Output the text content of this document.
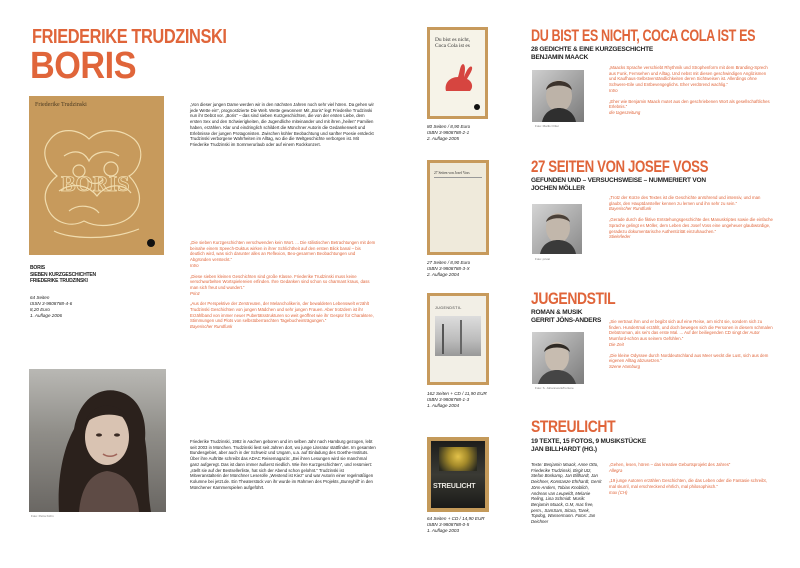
FRIEDERIKE TRUDZINSKI
BORIS
Friederike Trudzinski
BORIS
BORIS
SIEBEN KURZGESCHICHTEN
FRIEDERIKE TRUDZINSKI
64 Seiten
ISSN 3-9808788-4-6
8,20 Euro
1. Auflage 2006
„Von dieser jungen Dame werden wir in den nächsten Jahren noch sehr viel hören. Da gehen wir jede Wette ein“, prognostizierte Die Welt. Wette gewonnen! Mit „Boris“ legt Friederike Trudzinski nun ihr Debüt vor. „Boris“ – das sind sieben Kurzgeschichten, die von der ersten Liebe, dem ersten Sex und den Schwierigkeiten, die Jugendliche miteinander und mit ihren „heilen“ Familien haben, erzählen. Klar und eindringlich schildert die Münchner Autorin die Gedankenwelt und Erlebnisse der jungen Protagonisten. Zwischen kühler Beobachtung und sanfter Poesie entdeckt Trudzinski verborgene Wahrheiten im Alltag, wo die die Weltgeschichte verborgen ist. Mit Friederike Trudzinski im Sommerurlaub oder auf einem Rockkonzert.
„Die sieben Kurzgeschichten verschwenden kein Wort. ... Die stilistischen Betrachtungen mit dem beinahe einem Speech-Duktus wirken in ihrer Schlichtheit auf den ersten Blick banal – bis deutlich wird, was sich darunter alles an Reflexion, Beo-gesarmen Beobachtungen und Abgründen versteckt.“
Intro
„Diese sieben kleinen Geschichten sind große Klasse. Friederike Trudzinski muss keine verschwurbelten Wortspielereien erfinden. Ihre Gedanken sind schon so charmant kraus, dass man sich freut und wundert.“
Prinz
„Aus der Perspektive der Zerstreuten, der Melancholikerin, der bewaldeten Lebenswelt erzählt Trudzinski Geschichten von jungen Mädchen und sehr jungen Frauen. Aber trotzdem ist ihr Erzählband von immer neuer Pubertätsstrukturen so weit geöffnet wie ihr Gespür für Charaktere, Stimmungen und Plots von selbstüberraschten Tagebucheinträgungen.“
Bayerischer Rundfunk
Foto: Petra Kühn
Friederike Trudzinski, 1982 in Aachen geboren und im selben Jahr nach Hamburg gezogen, lebt seit 2003 in München. Trudzinski liest seit Jahren dort, wo junge Literatur stattfindet. Im gesamten Bundesgebiet, aber auch in der Schweiz und Ungarn, u.a. auf Einladung des Goethe-Instituts. Über ihre Auftritte schreibt das ADAC Reisemagazin: „Bei ihren Lesungen wird sie manchmal ganz aufgeregt. Das ist dann immer äußerst niedlich. Wie ihre Kurzgeschichten“, und resümiert: „stellt sie auf der Bestsellerliste, hat sich der Abend schon gelohnt.“ Trudzinski ist Mitveranstalterin der Münchner Leserolle „Westend ist Kiez“ und war Autorin einer regelmäßigen Kolumne bei jetzt.de. Ein Theaterstück von ihr wurde im Rahmen des Projekts „Bunnyhill“ in den Münchener Kammerspielen aufgeführt.
Du bist es nicht, Coca Cola ist es
80 Seiten / 8,90 Euro
ISBN 3-9808788-2-1
2. Auflage 2005
27 Seiten von Josef Voss
27 Seiten / 8,90 Euro
ISBN 3-9808788-3-X
2. Auflage 2004
JUGENDSTIL
162 Seiten + CD / 11,90 EUR
ISBN 3-9808788-1-3
1. Auflage 2004
STREULICHT
64 Seiten + CD / 14,90 EUR
ISBN 3-9808788-0-5
1. Auflage 2003
DU BIST ES NICHT, COCA COLA IST ES
28 GEDICHTE & EINE KURZGESCHICHTE
BENJAMIN MAACK
Foto: Marlis Ortler
„Maacks Sprache verschiebt Rhythmik und Strophenform mit dem Branding-Sprech aus Funk, Fernsehen und Alltag. Und nebst mit diesen geschwindigen Anglizismen und Kaufhaus-Selbstverständlichkeiten deren Sichtweisen ist. Allerdings ohne Schwere-Eile und Entbevengeglichs. Eher verdörend wachlig.“
Intro
„Eher wie Benjamin Maack mutet aus den geschriebenen Wort als gesellschaftliches Erlebnis.“
die tageszeitung
27 SEITEN VON JOSEF VOSS
GEFUNDEN UND – VERSUCHSWEISE – NUMMERIERT VON
JOCHEN MÖLLER
Foto: privat
„Trotz der Kürze des Textes ist die Geschichte anrührend und intensiv, und man glaubt, den Hauptdarsteller kennen zu lernen und ihn sehr zu sein.“
Bayerischer Rundfunk
„Gerade durch die fiktive Entstehungsgeschichte des Manuskriptes sowie die einfache Sprache gelingt es Möller, dem Leben des Josef Voss eine ungeheuer glaubwürdige, geradezu dokumentarische Authentizität einzuhauchen.“
Stiele/leder
JUGENDSTIL
ROMAN & MUSIK
GERRIT JÖNS-ANDERS
Foto: S. Johannwerk/Fortune
„Sie vertraut ihm und er begibt sich auf eine Reise, am nicht sie, sondern sich zu finden. Hundertmal erzählt, und doch bewegen sich die Personen in diesem schmalen Debütroman, als sei's das erste Mal. ... Auf der beiliegenden CD singt der Autor Mumford-schön aus seinem Gefühlen.“
Die Zeit
„Die kleine Odyssee durch Norddeutschland aus Meer weckt die Lust, sich aus dem eigenen Alltag abzusetzen.“
Szene Hamburg
STREULICHT
19 TEXTE, 15 FOTOS, 9 MUSIKSTÜCKE
JAN BILLHARDT (HG.)
Texte: Benjamin Maack, Anne Otto, Friederike Trudzinski, Birgit Utz, Stefan Boskamp, Jan Billhardt, Jan Deichner, Konstanze Ehrhardt, Gerrit Jöns-Anders, Tobias Knoblich, Andreas van Leupeldt, Melanie Reling, Lina Schmidt. Musik: Benjamin Maack, G.M, mac free, perm., SamSam, Sitara, Tarek, Topdog, Wassermann. Fotos: Jan Deichner
„Gehen, lesen, hören – das kreative Geburtsprojekt des Jahres“
Allegra
„19 junge Autoren erzählen Geschichten, die das Leben oder die Fantasie schreibt, mal skurril, mal erschreckend ehrlich, mal philosophisch.“
max (CH)
